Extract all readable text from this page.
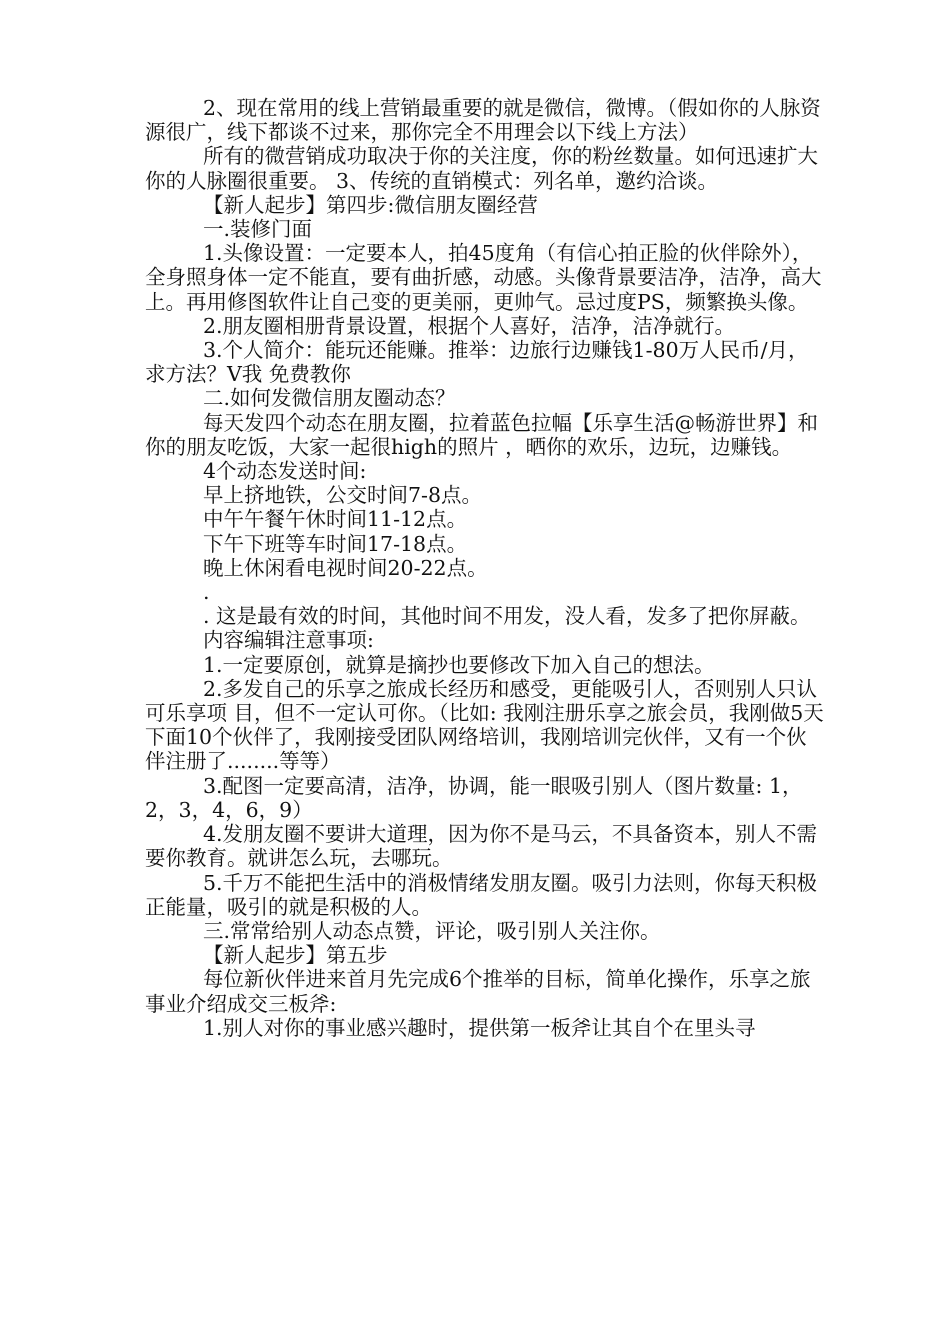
2、现在常用的线上营销最重要的就是微信，微博。（假如你的人脉资源很广，线下都谈不过来，那你完全不用理会以下线上方法）

所有的微营销成功取决于你的关注度，你的粉丝数量。如何迅速扩大你的人脉圈很重要。 3、传统的直销模式：列名单，邀约洽谈。

【新人起步】第四步:微信朋友圈经营

一.装修门面

1.头像设置：一定要本人，拍45度角（有信心拍正脸的伙伴除外），全身照身体一定不能直，要有曲折感，动感。头像背景要洁净，洁净，高大上。再用修图软件让自己变的更美丽，更帅气。忌过度PS，频繁换头像。

2.朋友圈相册背景设置，根据个人喜好，洁净，洁净就行。

3.个人简介：能玩还能赚。推举：边旅行边赚钱1-80万人民币/月，求方法？V我 免费教你

二.如何发微信朋友圈动态？

每天发四个动态在朋友圈，拉着蓝色拉幅【乐享生活@畅游世界】和你的朋友吃饭，大家一起很high的照片 ，晒你的欢乐，边玩，边赚钱。

4个动态发送时间:

早上挤地铁，公交时间7-8点。

中午午餐午休时间11-12点。

下午下班等车时间17-18点。

晚上休闲看电视时间20-22点。

.

. 这是最有效的时间，其他时间不用发，没人看，发多了把你屏蔽。

内容编辑注意事项:

1.一定要原创，就算是摘抄也要修改下加入自己的想法。

2.多发自己的乐享之旅成长经历和感受，更能吸引人，否则别人只认可乐享项 目，但不一定认可你。（比如: 我刚注册乐享之旅会员，我刚做5天下面10个伙伴了，我刚接受团队网络培训，我刚培训完伙伴，又有一个伙伴注册了........等等）

3.配图一定要高清，洁净，协调，能一眼吸引别人（图片数量: 1，2，3，4，6，9）

4.发朋友圈不要讲大道理，因为你不是马云，不具备资本，别人不需要你教育。就讲怎么玩，去哪玩。

5.千万不能把生活中的消极情绪发朋友圈。吸引力法则，你每天积极正能量，吸引的就是积极的人。

三.常常给别人动态点赞，评论，吸引别人关注你。

【新人起步】第五步

每位新伙伴进来首月先完成6个推举的目标，简单化操作，乐享之旅事业介绍成交三板斧:

1.别人对你的事业感兴趣时，提供第一板斧让其自个在里头寻
